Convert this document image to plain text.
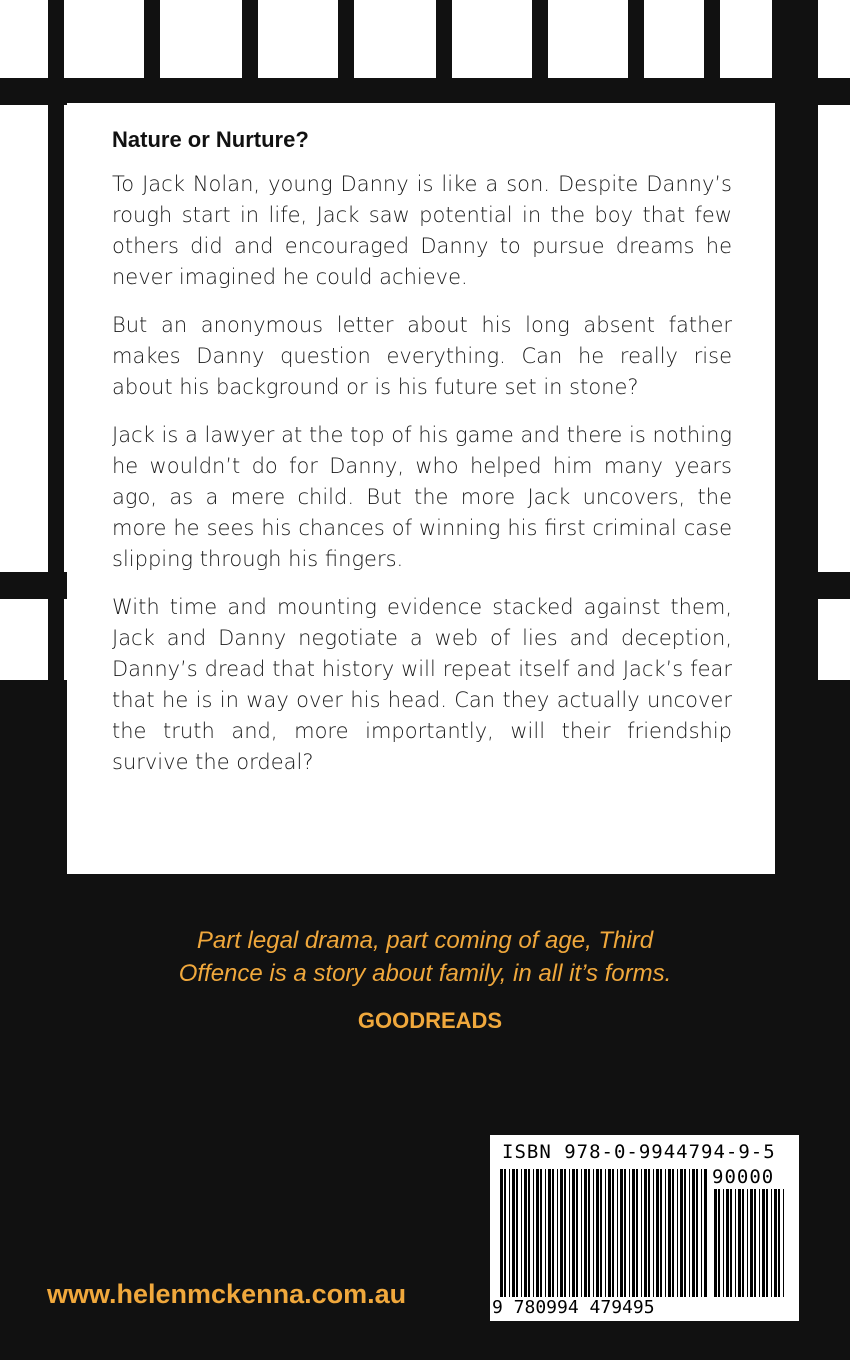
Nature or Nurture?

To Jack Nolan, young Danny is like a son. Despite Danny’s rough start in life, Jack saw potential in the boy that few others did and encouraged Danny to pursue dreams he never imagined he could achieve.

But an anonymous letter about his long absent father makes Danny question everything. Can he really rise about his background or is his future set in stone?

Jack is a lawyer at the top of his game and there is nothing he wouldn’t do for Danny, who helped him many years ago, as a mere child. But the more Jack uncovers, the more he sees his chances of winning his first criminal case slipping through his fingers.

With time and mounting evidence stacked against them, Jack and Danny negotiate a web of lies and deception, Danny’s dread that history will repeat itself and Jack’s fear that he is in way over his head. Can they actually uncover the truth and, more importantly, will their friendship survive the ordeal?

Part legal drama, part coming of age, Third
Offence is a story about family, in all it’s forms.
GOODREADS
www.helenmckenna.com.au
ISBN 978-0-9944794-9-5
90000
9 780994 479495
